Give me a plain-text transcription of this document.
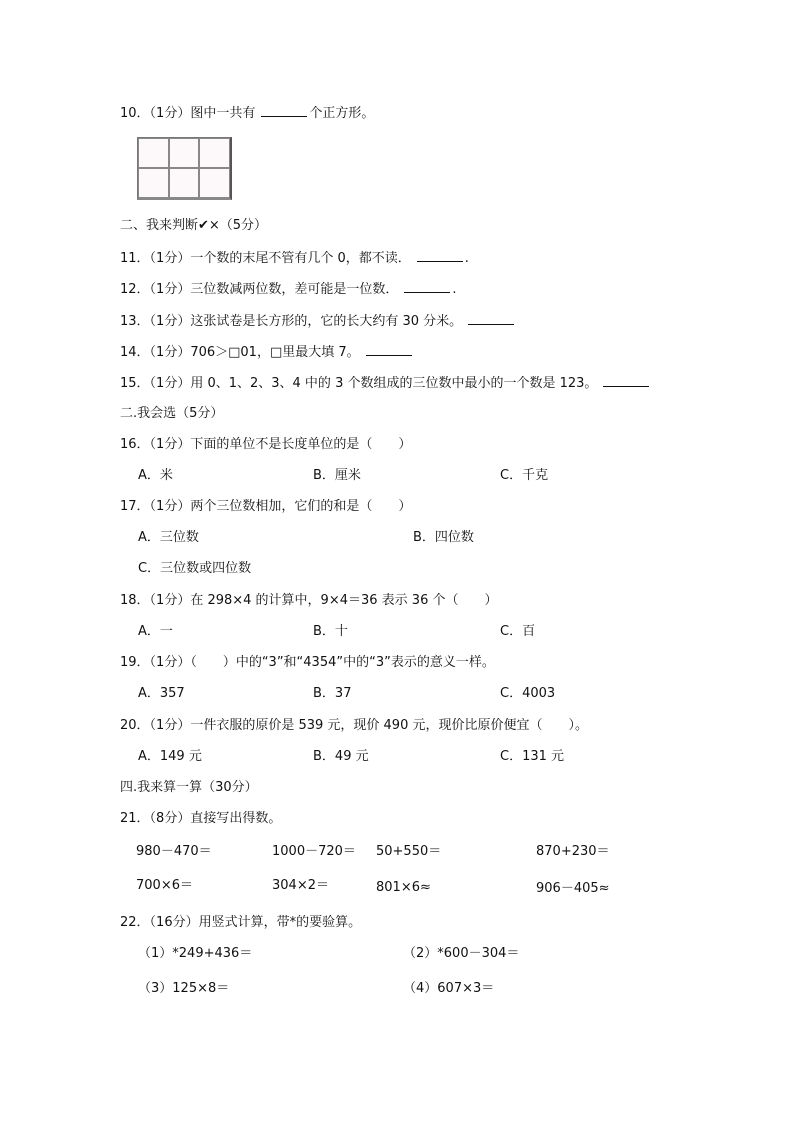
10．（1分）图中一共有	个正方形。
二、我来判断✔×（5分）
11．（1分）一个数的末尾不管有几个 0，都不读．	.
12．（1分）三位数减两位数，差可能是一位数．	.
13．（1分）这张试卷是长方形的，它的长大约有 30 分米。
14．（1分）706＞□01，□里最大填 7。
15．（1分）用 0、1、2、3、4 中的 3 个数组成的三位数中最小的一个数是 123。
二.我会选（5分）
16．（1分）下面的单位不是长度单位的是（　　）
A．米	B．厘米	C．千克
17．（1分）两个三位数相加，它们的和是（　　）
A．三位数	B．四位数
C．三位数或四位数
18．（1分）在 298×4 的计算中，9×4＝36 表示 36 个（　　）
A．一	B．十	C．百
19．（1分）（　　）中的“3”和“4354”中的“3”表示的意义一样。
A．357	B．37	C．4003
20．（1分）一件衣服的原价是 539 元，现价 490 元，现价比原价便宜（　　）。
A．149 元	B．49 元	C．131 元
四.我来算一算（30分）
21．（8分）直接写出得数。
980－470＝	1000－720＝ 50+550＝	870+230＝
700×6＝	304×2＝	801×6≈	906－405≈
22．（16分）用竖式计算，带*的要验算。
（1）*249+436＝	（2）*600－304＝
（3）125×8＝	（4）607×3＝
